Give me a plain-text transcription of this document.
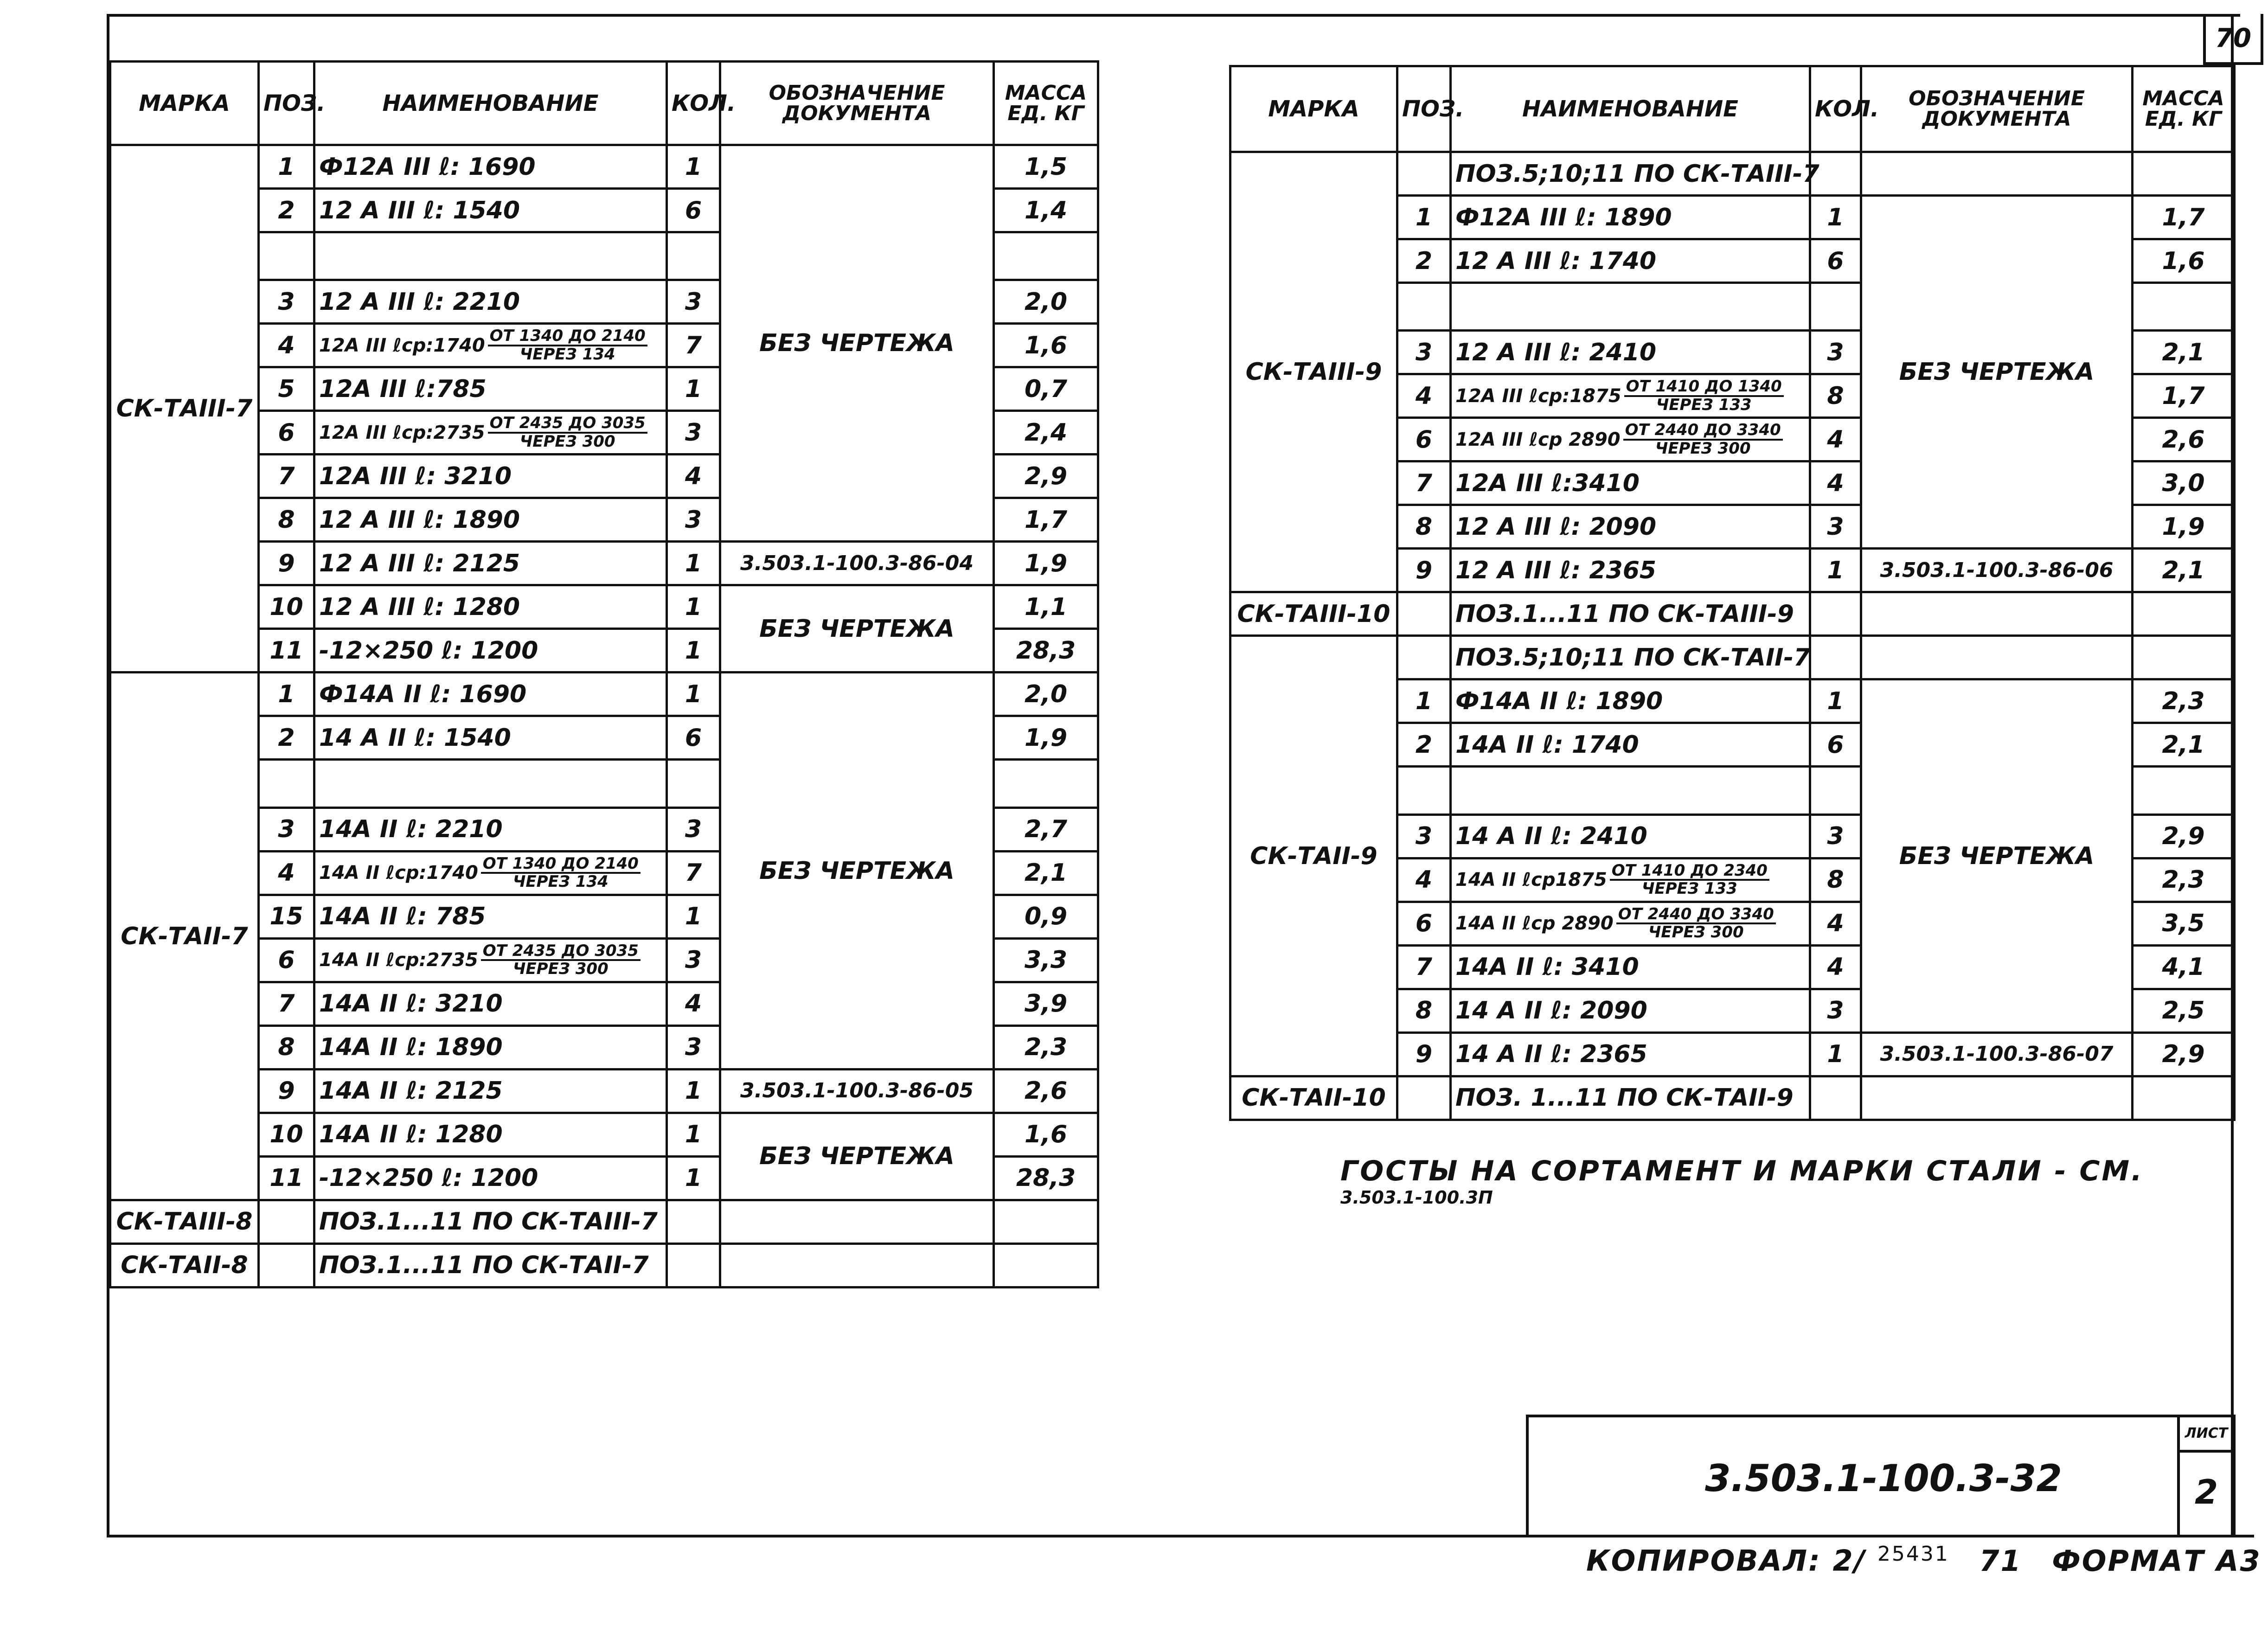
70
МАРКА	ПОЗ.	НАИМЕНОВАНИЕ	КОЛ.	ОБОЗНАЧЕНИЕ ДОКУМЕНТА	МАССА ЕД. КГ
СК-ТАIII-7	1	Ф12А III ℓ: 1690	1	БЕЗ ЧЕРТЕЖА	1,5
	2	12 А III ℓ: 1540	6		1,4

	3	12 А III ℓ: 2210	3		2,0
	4	12А III ℓср:1740 $\frac{ОТ 1340 ДО 2140}{\text{ЧЕРЕЗ 134}}$	7		1,6
	5	12А III ℓ:785	1		0,7
	6	12А III ℓср:2735 $\frac{ОТ 2435 ДО 3035}{\text{ЧЕРЕЗ 300}}$	3		2,4
	7	12А III ℓ: 3210	4		2,9
	8	12 А III ℓ: 1890	3		1,7
	9	12 А III ℓ: 2125	1	3.503.1-100.3-86-04	1,9
	10	12 А III ℓ: 1280	1	БЕЗ ЧЕРТЕЖА	1,1
	11	-12×250 ℓ: 1200	1		28,3
СК-ТАII-7	1	Ф14А II ℓ: 1690	1	БЕЗ ЧЕРТЕЖА	2,0
	2	14 А II ℓ: 1540	6		1,9

	3	14А II ℓ: 2210	3		2,7
	4	14А II ℓср:1740 $\frac{ОТ 1340 ДО 2140}{\text{ЧЕРЕЗ 134}}$	7		2,1
	15	14А II ℓ: 785	1		0,9
	6	14А II ℓср:2735 $\frac{ОТ 2435 ДО 3035}{\text{ЧЕРЕЗ 300}}$	3		3,3
	7	14А II ℓ: 3210	4		3,9
	8	14А II ℓ: 1890	3		2,3
	9	14А II ℓ: 2125	1	3.503.1-100.3-86-05	2,6
	10	14А II ℓ: 1280	1	БЕЗ ЧЕРТЕЖА	1,6
	11	-12×250 ℓ: 1200	1		28,3
СК-ТАIII-8		ПОЗ.1...11 ПО СК-ТАIII-7			
СК-ТАII-8		ПОЗ.1...11 ПО СК-ТАII-7			
МАРКА	ПОЗ.	НАИМЕНОВАНИЕ	КОЛ.	ОБОЗНАЧЕНИЕ ДОКУМЕНТА	МАССА ЕД. КГ
СК-ТАIII-9		ПОЗ.5;10;11 ПО СК-ТАIII-7			
	1	Ф12А III ℓ: 1890	1	БЕЗ ЧЕРТЕЖА	1,7
	2	12 А III ℓ: 1740	6		1,6

	3	12 А III ℓ: 2410	3		2,1
	4	12А III ℓср:1875 $\frac{ОТ 1410 ДО 1340}{\text{ЧЕРЕЗ 133}}$	8		1,7
	6	12А III ℓср $2890 \frac{ОТ 2440 ДО 3340}{\text{ЧЕРЕЗ 300}}$	4		2,6
	7	12А III ℓ:3410	4		3,0
	8	12 А III ℓ: 2090	3		1,9
	9	12 А III ℓ: 2365	1	3.503.1-100.3-86-06	2,1
СК-ТАIII-10		ПОЗ.1...11 ПО СК-ТАIII-9			
СК-ТАII-9		ПОЗ.5;10;11 ПО СК-ТАII-7			
	1	Ф14А II ℓ: 1890	1	БЕЗ ЧЕРТЕЖА	2,3
	2	14А II ℓ: 1740	6		2,1

	3	14 А II ℓ: 2410	3		2,9
	4	14А II ℓср1875 $\frac{ОТ 1410 ДО 2340}{\text{ЧЕРЕЗ 133}}$	8		2,3
	6	14А II ℓср $2890 \frac{ОТ 2440 ДО 3340}{\text{ЧЕРЕЗ 300}}$	4		3,5
	7	14А II ℓ: 3410	4		4,1
	8	14 А II ℓ: 2090	3		2,5
	9	14 А II ℓ: 2365	1	3.503.1-100.3-86-07	2,9
СК-ТАII-10		ПОЗ. 1...11 ПО СК-ТАII-9			
ГОСТЫ НА СОРТАМЕНТ И МАРКИ СТАЛИ - СМ. $^{3.503.1-100.3П}$
3.503.1-100.3-32
ЛИСТ
2
КОПИРОВАЛ: 2/ $^{25431}$ 71 ФОРМАТ А3
